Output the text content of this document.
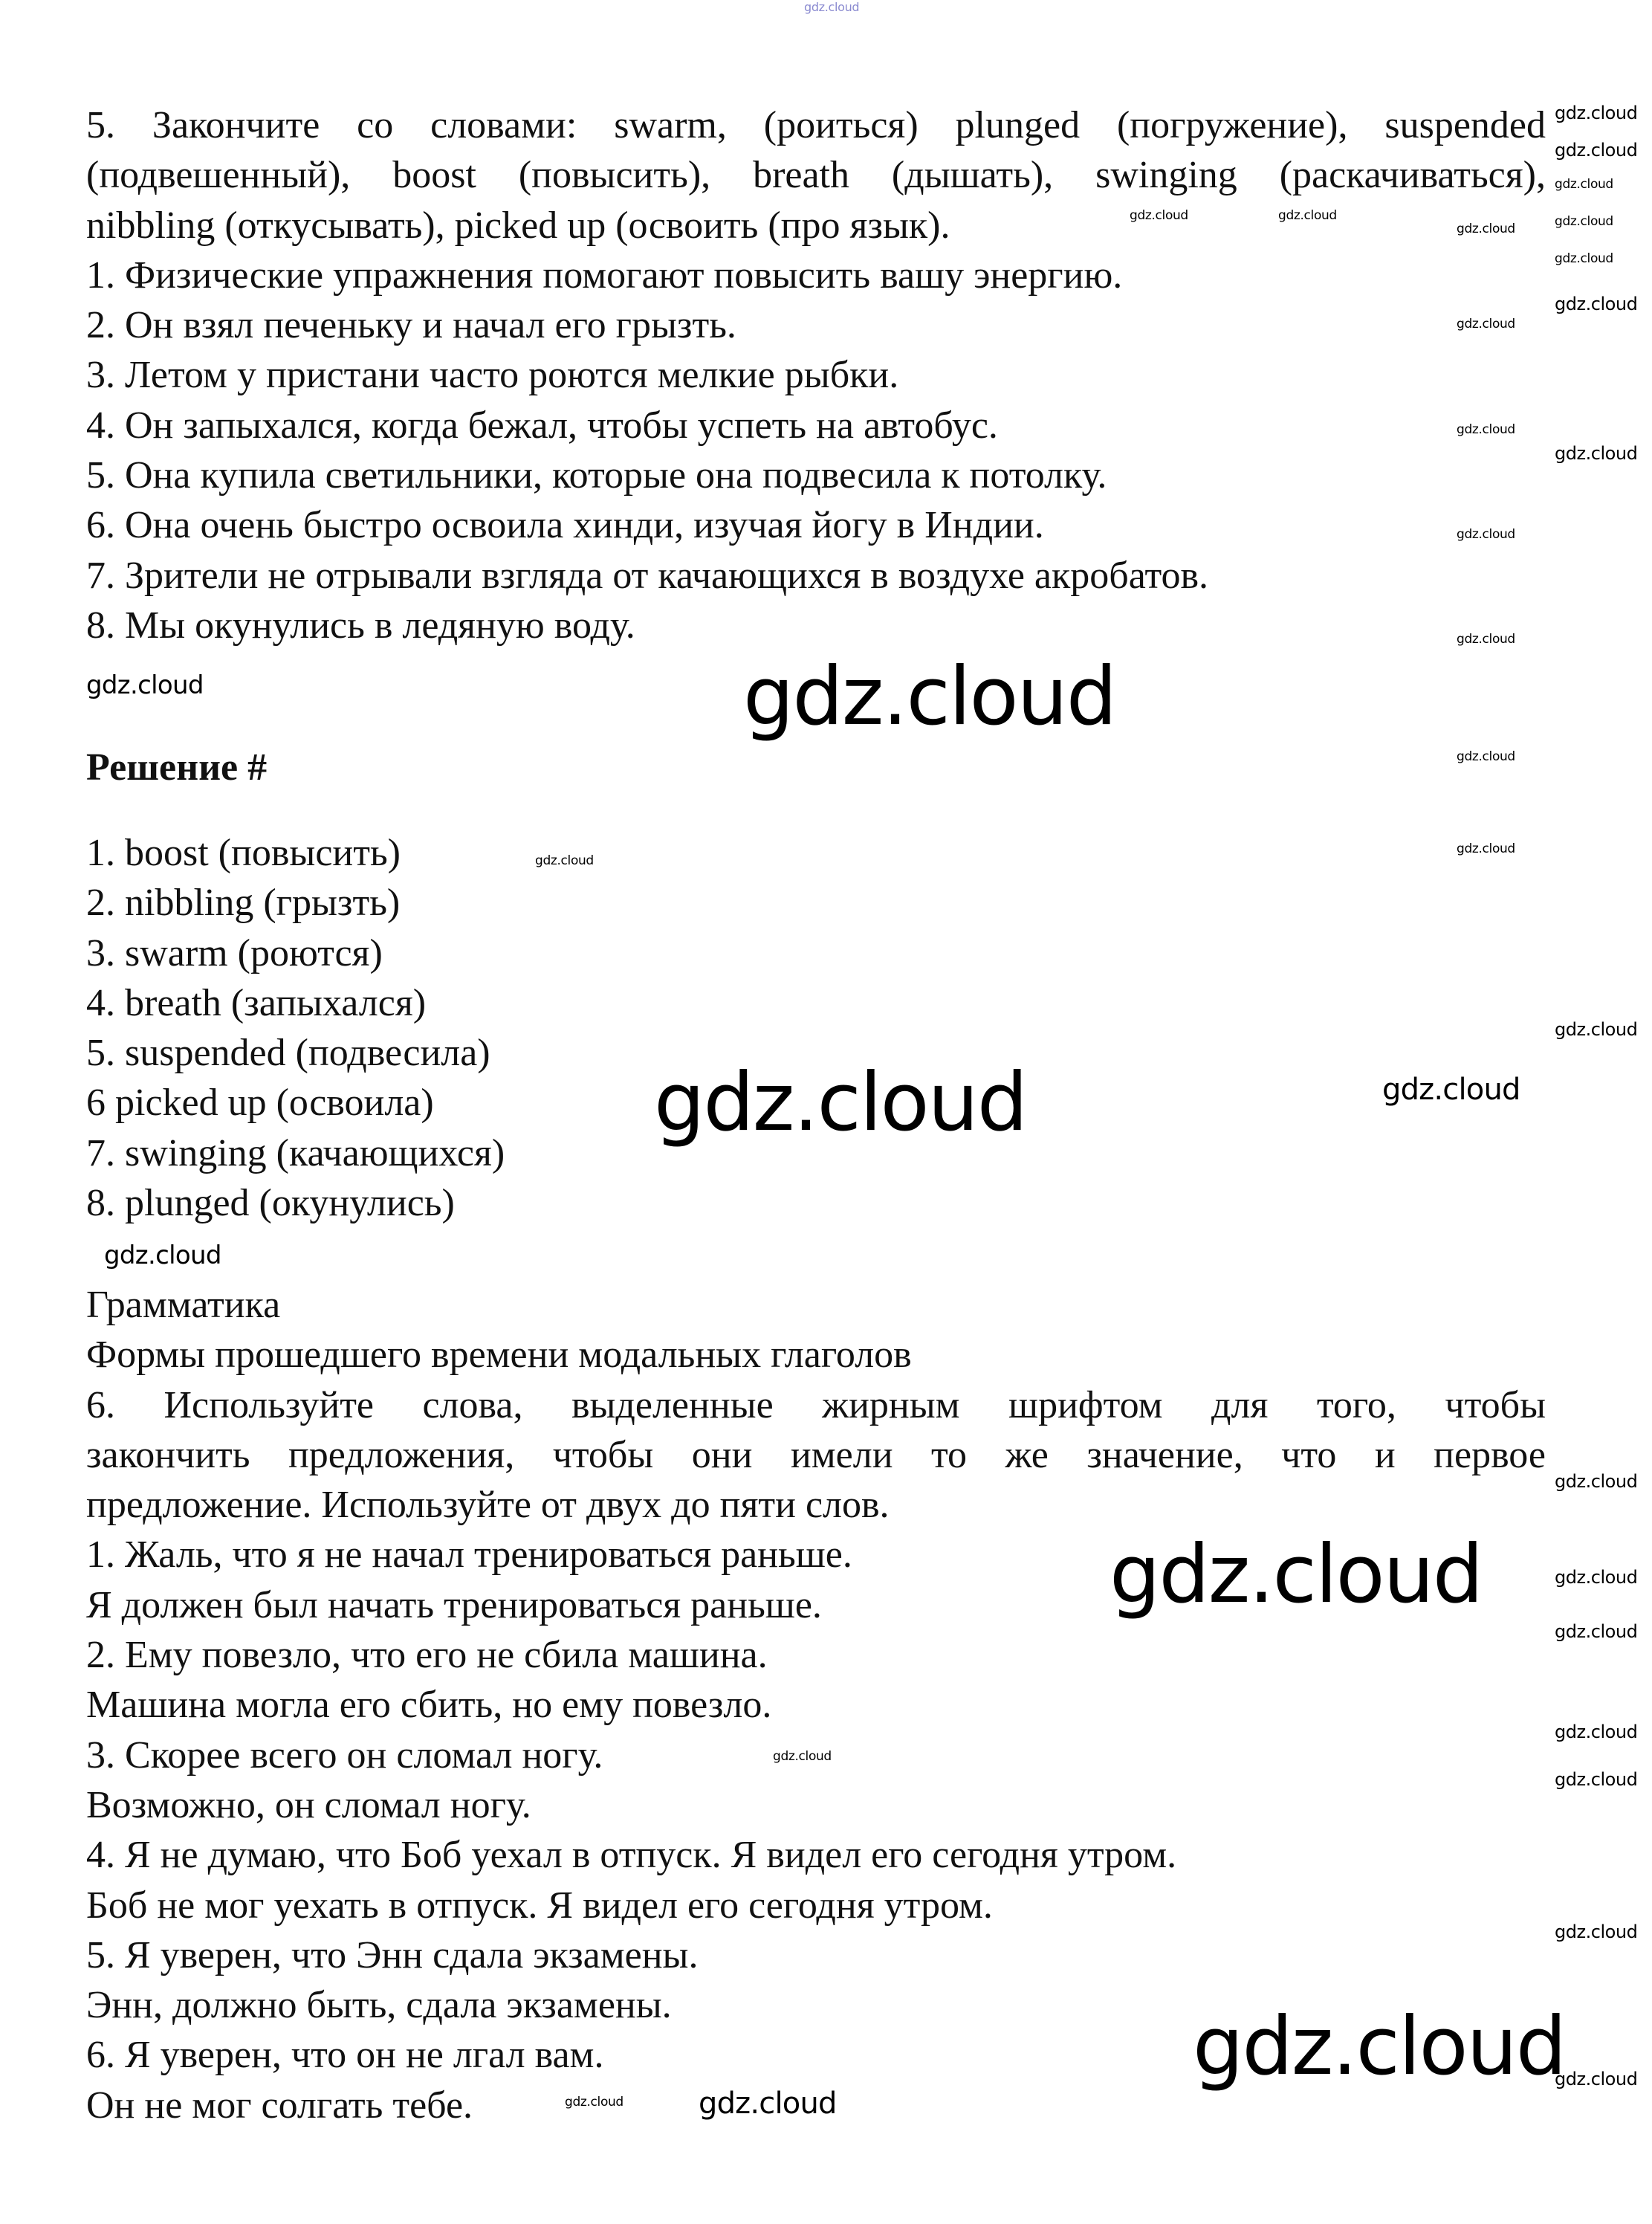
5. Закончите со словами: swarm, (роиться) plunged (погружение), suspended
(подвешенный), boost (повысить), breath (дышать), swinging (раскачиваться),
nibbling (откусывать), picked up (освоить (про язык).
1. Физические упражнения помогают повысить вашу энергию.
2. Он взял печеньку и начал его грызть.
3. Летом у пристани часто роются мелкие рыбки.
4. Он запыхался, когда бежал, чтобы успеть на автобус.
5. Она купила светильники, которые она подвесила к потолку.
6. Она очень быстро освоила хинди, изучая йогу в Индии.
7. Зрители не отрывали взгляда от качающихся в воздухе акробатов.
8. Мы окунулись в ледяную воду.
Решение #
1. boost (повысить)
2. nibbling (грызть)
3. swarm (роются)
4. breath (запыхался)
5. suspended (подвесила)
6 picked up (освоила)
7. swinging (качающихся)
8. plunged (окунулись)
Грамматика
Формы прошедшего времени модальных глаголов
6. Используйте слова, выделенные жирным шрифтом для того, чтобы
закончить предложения, чтобы они имели то же значение, что и первое
предложение. Используйте от двух до пяти слов.
1. Жаль, что я не начал тренироваться раньше.
Я должен был начать тренироваться раньше.
2. Ему повезло, что его не сбила машина.
Машина могла его сбить, но ему повезло.
3. Скорее всего он сломал ногу.
Возможно, он сломал ногу.
4. Я не думаю, что Боб уехал в отпуск. Я видел его сегодня утром.
Боб не мог уехать в отпуск. Я видел его сегодня утром.
5. Я уверен, что Энн сдала экзамены.
Энн, должно быть, сдала экзамены.
6. Я уверен, что он не лгал вам.
Он не мог солгать тебе.
gdz.cloud
gdz.cloud
gdz.cloud
gdz.cloud
gdz.cloud
gdz.cloud
gdz.cloud
gdz.cloud
gdz.cloud
gdz.cloud
gdz.cloud
gdz.cloud
gdz.cloud
gdz.cloud
gdz.cloud
gdz.cloud
gdz.cloud
gdz.cloud
gdz.cloud
gdz.cloud
gdz.cloud
gdz.cloud
gdz.cloud
gdz.cloud
gdz.cloud	gdz.cloud
gdz.cloud
gdz.cloud
gdz.cloud
gdz.cloud
gdz.cloud
gdz.cloud
gdz.cloud
gdz.cloud
gdz.cloud
gdz.cloud
